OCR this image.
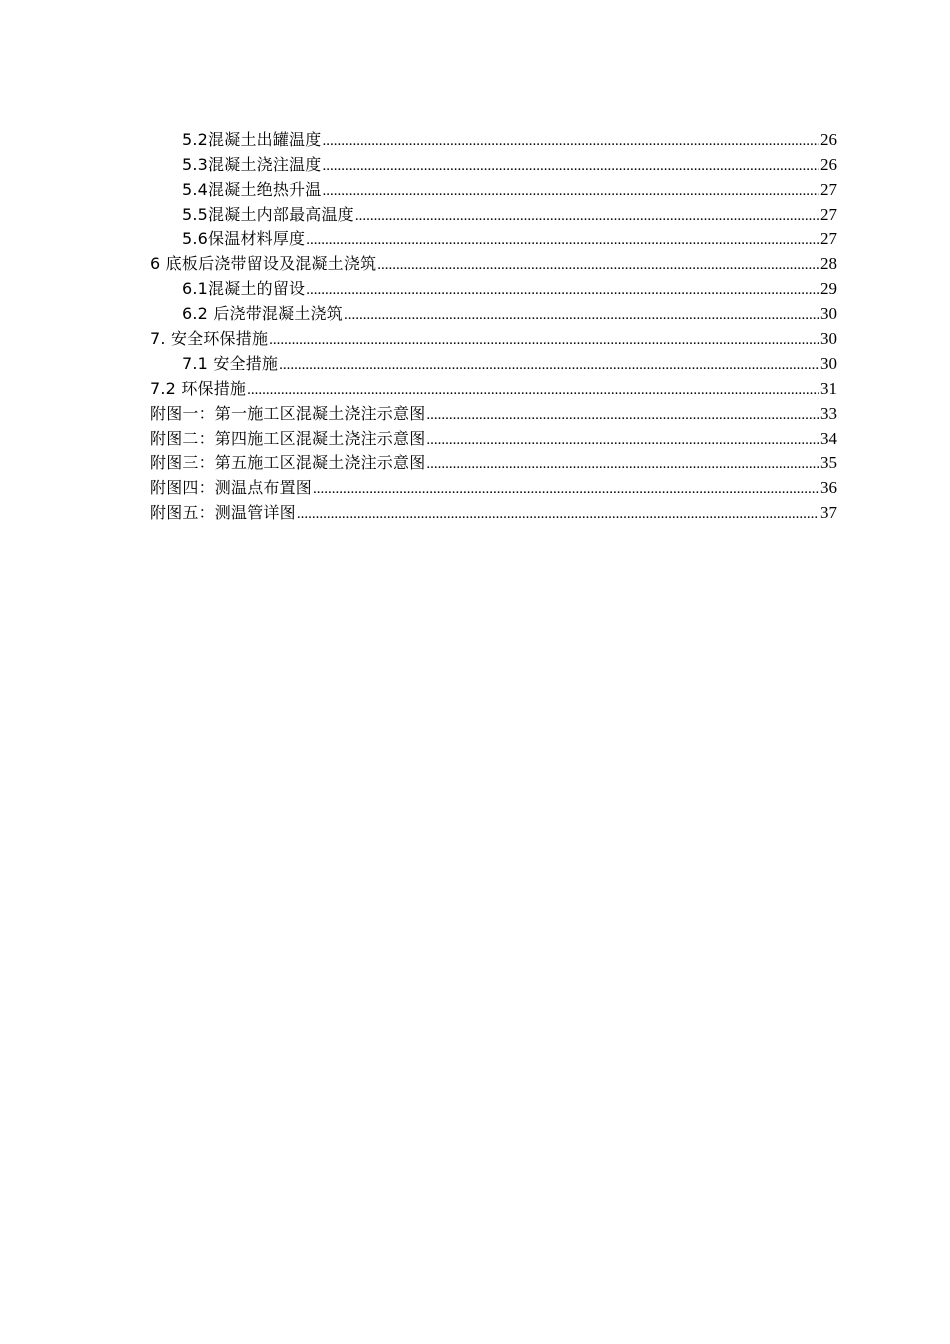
5.2混凝土出罐温度 .....	26
5.3混凝土浇注温度 .....	26
5.4混凝土绝热升温 .....	27
5.5混凝土内部最高温度 .....	27
5.6保温材料厚度 .....	27
6 底板后浇带留设及混凝土浇筑 .....	28
6.1混凝土的留设 .....	29
6.2 后浇带混凝土浇筑 .....	30
7. 安全环保措施 .....	30
7.1 安全措施 .....	30
7.2 环保措施 .....	31
附图一：第一施工区混凝土浇注示意图 .....	33
附图二：第四施工区混凝土浇注示意图 .....	34
附图三：第五施工区混凝土浇注示意图 .....	35
附图四：测温点布置图 .....	36
附图五：测温管详图 .....	37
